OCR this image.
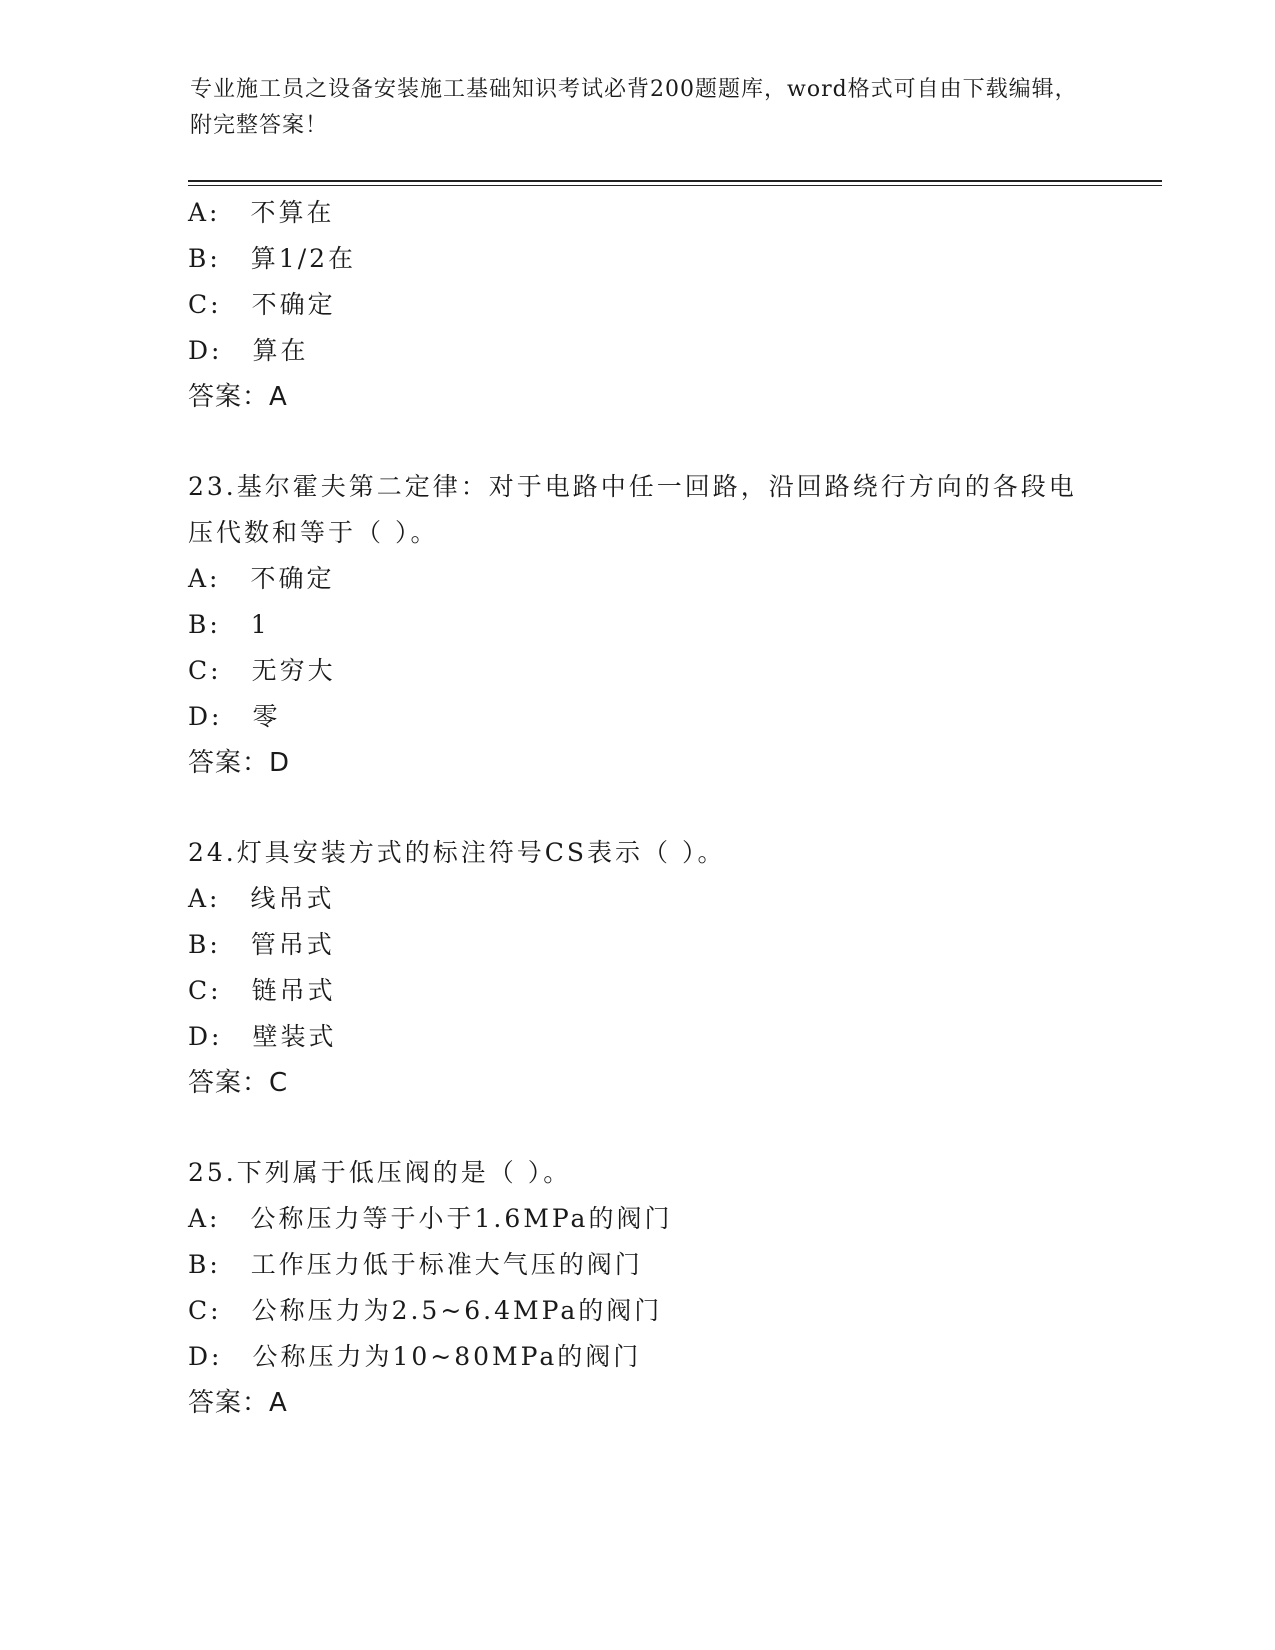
专业施工员之设备安装施工基础知识考试必背200题题库，word格式可自由下载编辑，附完整答案！
A: 不算在
B: 算1/2在
C: 不确定
D: 算在
答案：A
23.基尔霍夫第二定律：对于电路中任一回路，沿回路绕行方向的各段电压代数和等于（ ）。
A: 不确定
B: 1
C: 无穷大
D: 零
答案：D
24.灯具安装方式的标注符号CS表示（ ）。
A: 线吊式
B: 管吊式
C: 链吊式
D: 壁装式
答案：C
25.下列属于低压阀的是（ ）。
A: 公称压力等于小于1.6MPa的阀门
B: 工作压力低于标准大气压的阀门
C: 公称压力为2.5~6.4MPa的阀门
D: 公称压力为10~80MPa的阀门
答案：A
